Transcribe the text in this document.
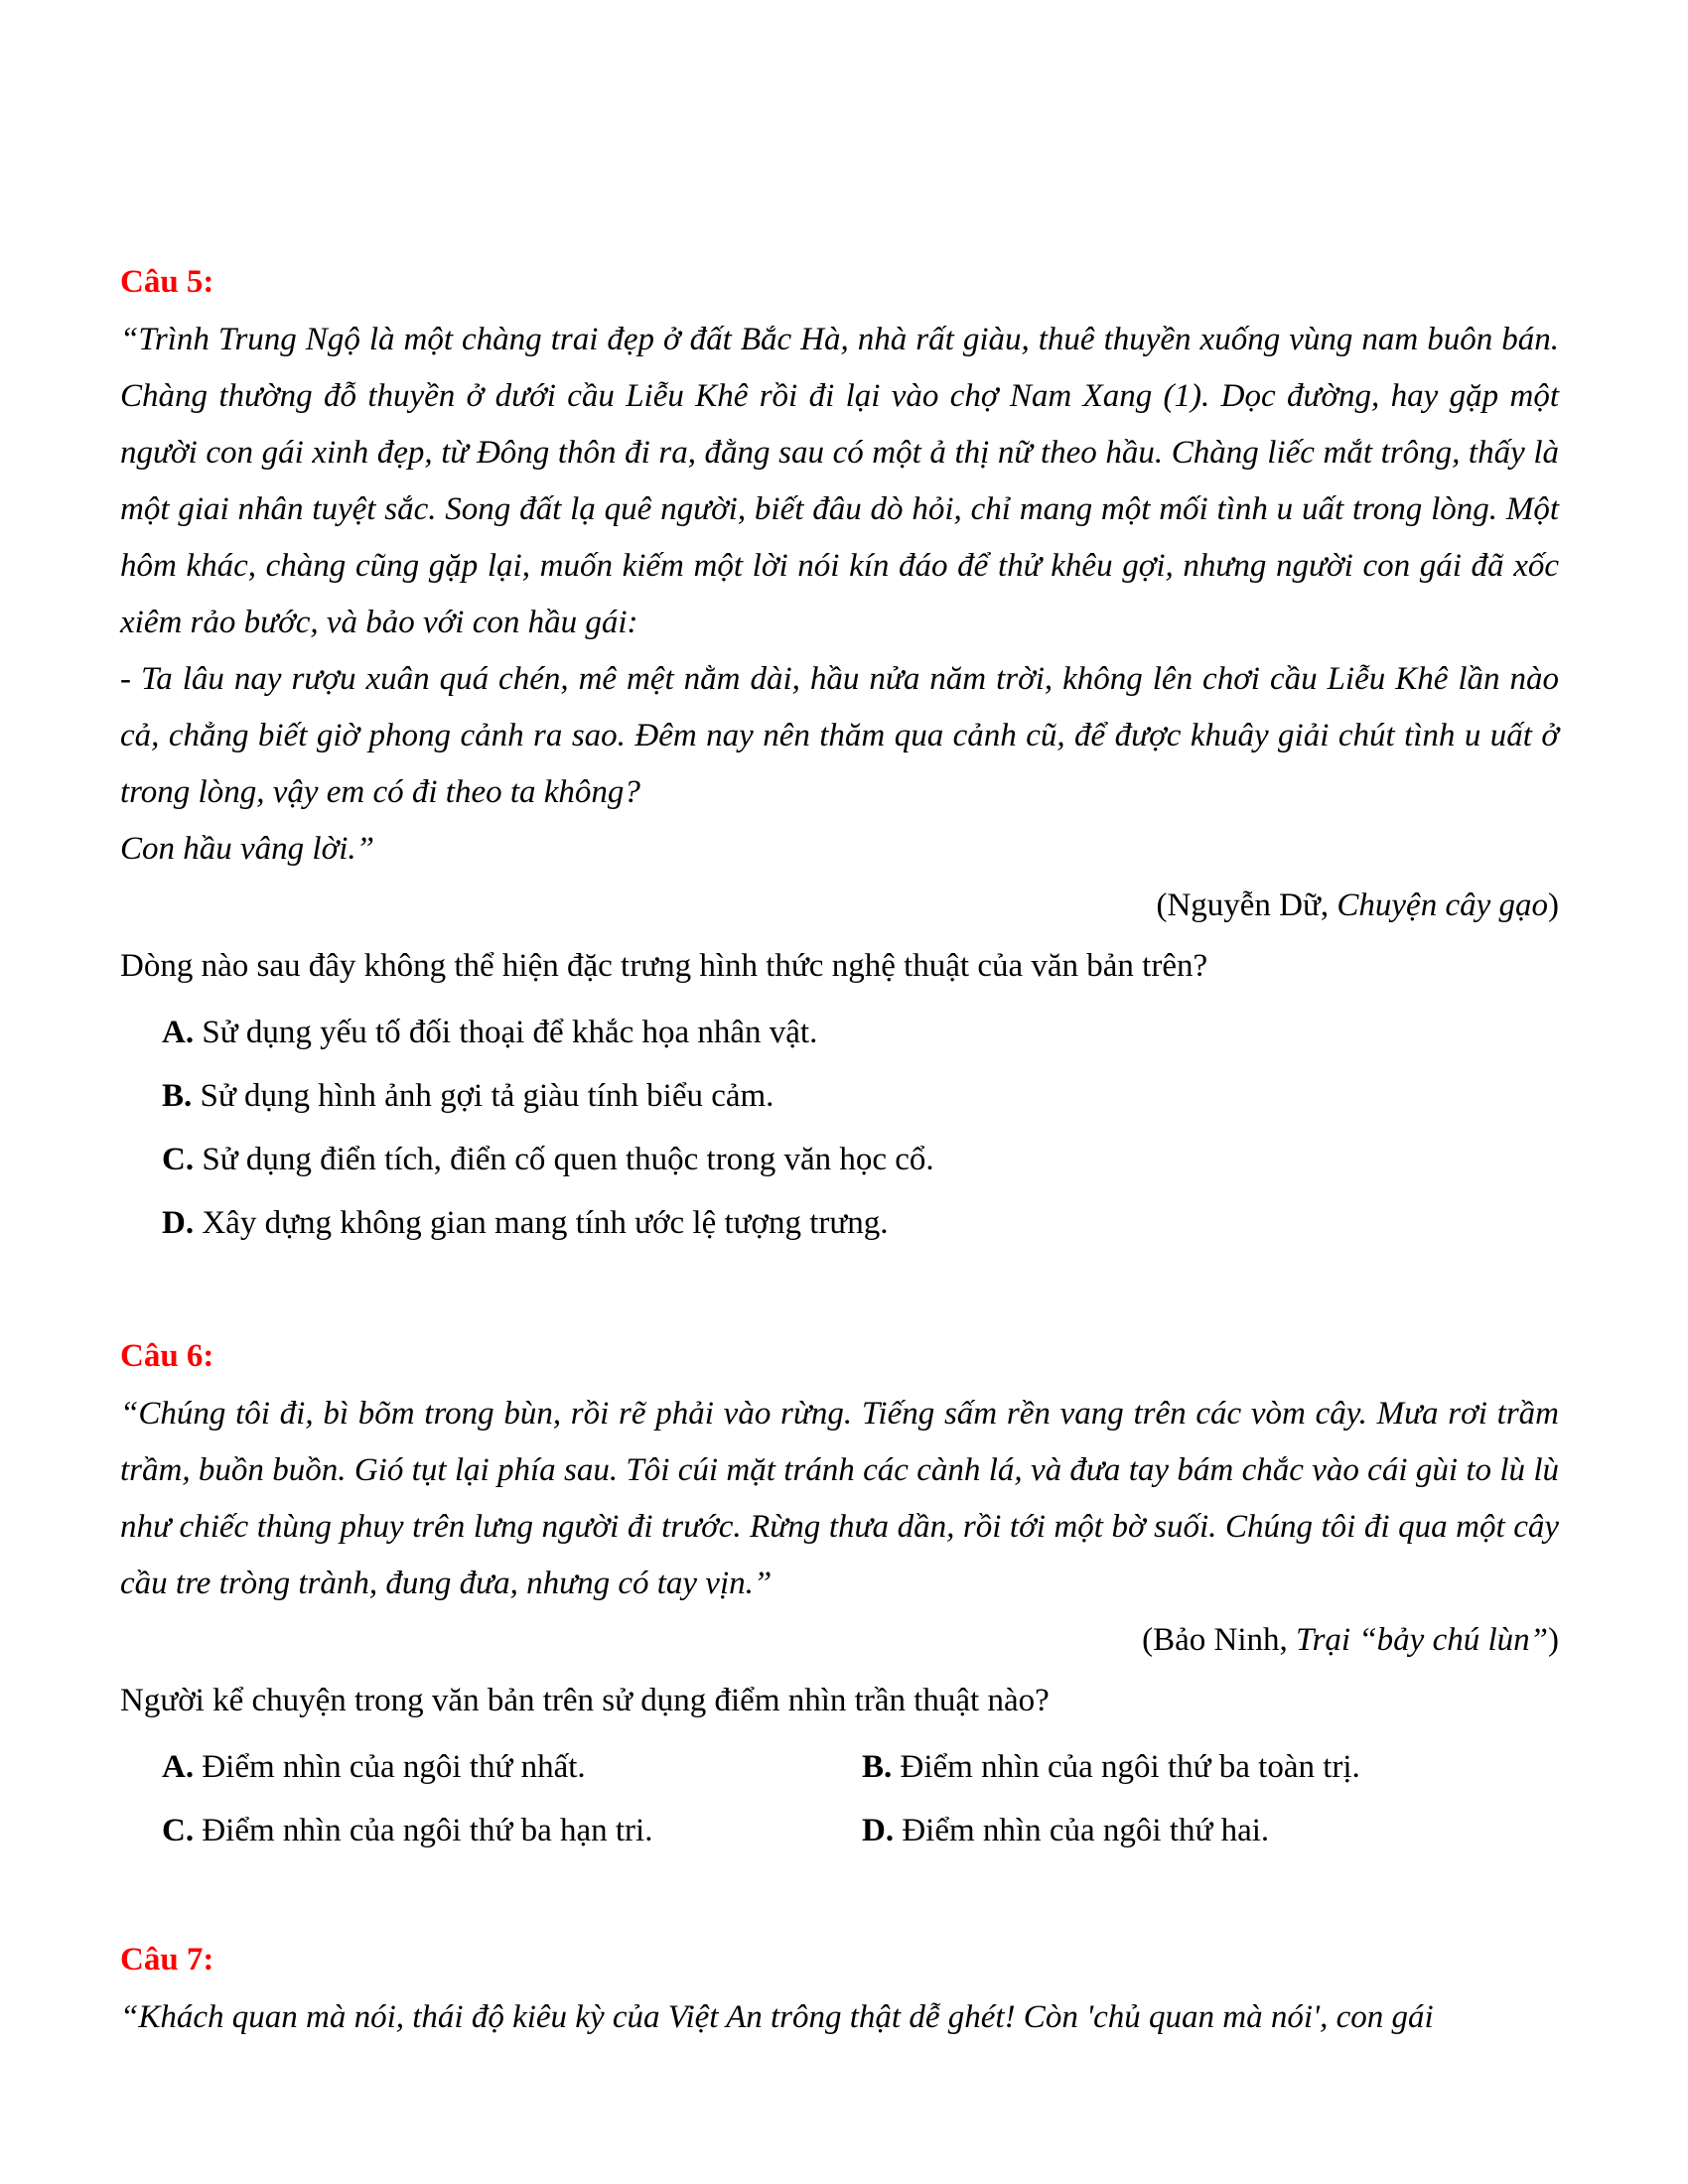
Câu 5:

“Trình Trung Ngộ là một chàng trai đẹp ở đất Bắc Hà, nhà rất giàu, thuê thuyền xuống vùng nam buôn bán. Chàng thường đỗ thuyền ở dưới cầu Liễu Khê rồi đi lại vào chợ Nam Xang (1). Dọc đường, hay gặp một người con gái xinh đẹp, từ Đông thôn đi ra, đằng sau có một ả thị nữ theo hầu. Chàng liếc mắt trông, thấy là một giai nhân tuyệt sắc. Song đất lạ quê người, biết đâu dò hỏi, chỉ mang một mối tình u uất trong lòng. Một hôm khác, chàng cũng gặp lại, muốn kiếm một lời nói kín đáo để thử khêu gợi, nhưng người con gái đã xốc xiêm rảo bước, và bảo với con hầu gái:

- Ta lâu nay rượu xuân quá chén, mê mệt nằm dài, hầu nửa năm trời, không lên chơi cầu Liễu Khê lần nào cả, chẳng biết giờ phong cảnh ra sao. Đêm nay nên thăm qua cảnh cũ, để được khuây giải chút tình u uất ở trong lòng, vậy em có đi theo ta không?

Con hầu vâng lời.”

(Nguyễn Dữ, Chuyện cây gạo)
Dòng nào sau đây không thể hiện đặc trưng hình thức nghệ thuật của văn bản trên?
A. Sử dụng yếu tố đối thoại để khắc họa nhân vật.
B. Sử dụng hình ảnh gợi tả giàu tính biểu cảm.
C. Sử dụng điển tích, điển cố quen thuộc trong văn học cổ.
D. Xây dựng không gian mang tính ước lệ tượng trưng.
Câu 6:

“Chúng tôi đi, bì bõm trong bùn, rồi rẽ phải vào rừng. Tiếng sấm rền vang trên các vòm cây. Mưa rơi trầm trầm, buồn buồn. Gió tụt lại phía sau. Tôi cúi mặt tránh các cành lá, và đưa tay bám chắc vào cái gùi to lù lù như chiếc thùng phuy trên lưng người đi trước. Rừng thưa dần, rồi tới một bờ suối. Chúng tôi đi qua một cây cầu tre tròng trành, đung đưa, nhưng có tay vịn.”

(Bảo Ninh, Trại “bảy chú lùn”)
Người kể chuyện trong văn bản trên sử dụng điểm nhìn trần thuật nào?
A. Điểm nhìn của ngôi thứ nhất.	B. Điểm nhìn của ngôi thứ ba toàn trị.
C. Điểm nhìn của ngôi thứ ba hạn tri.	D. Điểm nhìn của ngôi thứ hai.
Câu 7:

“Khách quan mà nói, thái độ kiêu kỳ của Việt An trông thật dễ ghét! Còn 'chủ quan mà nói', con gái
